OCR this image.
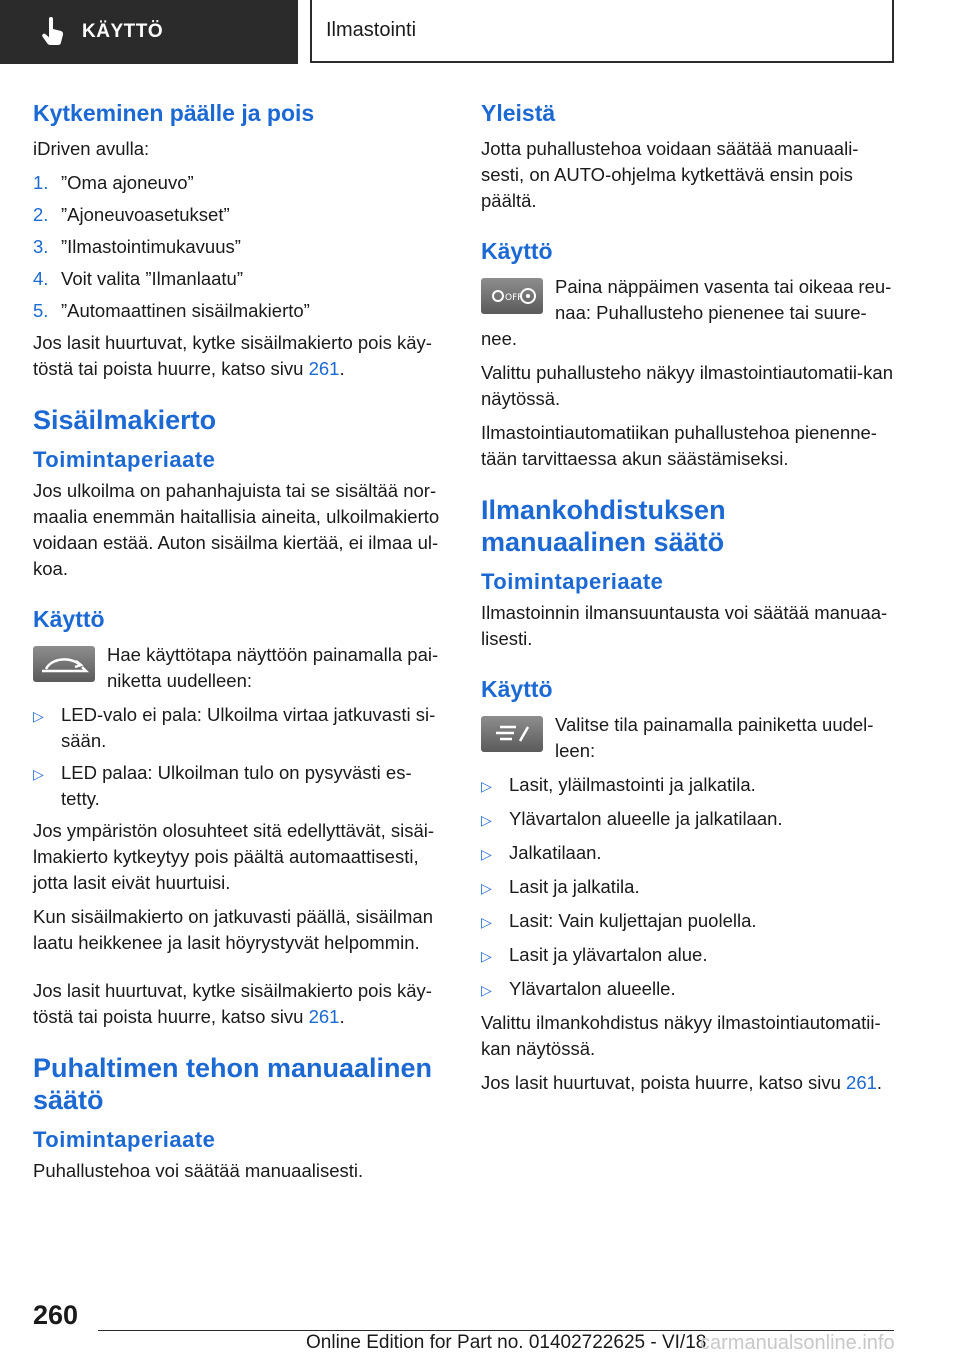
KÄYTTÖ	Ilmastointi
Kytkeminen päälle ja pois

iDriven avulla:

1. ”Oma ajoneuvo”
2. ”Ajoneuvoasetukset”
3. ”Ilmastointimukavuus”
4. Voit valita ”Ilmanlaatu”
5. ”Automaattinen sisäilmakierto”

Jos lasit huurtuvat, kytke sisäilmakierto pois käy-töstä tai poista huurre, katso sivu 261.

Sisäilmakierto
Toimintaperiaate

Jos ulkoilma on pahanhajuista tai se sisältää nor-maalia enemmän haitallisia aineita, ulkoilmakierto voidaan estää. Auton sisäilma kiertää, ei ilmaa ul-koa.

Käyttö

Hae käyttötapa näyttöön painamalla pai-niketta uudelleen:

▷ LED-valo ei pala: Ulkoilma virtaa jatkuvasti si-sään.
▷ LED palaa: Ulkoilman tulo on pysyvästi es-tetty.

Jos ympäristön olosuhteet sitä edellyttävät, sisäi-lmakierto kytkeytyy pois päältä automaattisesti, jotta lasit eivät huurtuisi.

Kun sisäilmakierto on jatkuvasti päällä, sisäilman laatu heikkenee ja lasit höyrystyvät helpommin.

Jos lasit huurtuvat, kytke sisäilmakierto pois käy-töstä tai poista huurre, katso sivu 261.

Puhaltimen tehon manuaalinen säätö
Toimintaperiaate

Puhallustehoa voi säätää manuaalisesti.

Yleistä

Jotta puhallustehoa voidaan säätää manuaali-sesti, on AUTO-ohjelma kytkettävä ensin pois päältä.

Käyttö
OFF

Paina näppäimen vasenta tai oikeaa reu-naa: Puhallusteho pienenee tai suure-nee.

Valittu puhallusteho näkyy ilmastointiautomatii-kan näytössä.

Ilmastointiautomatiikan puhallustehoa pienenne-tään tarvittaessa akun säästämiseksi.

Ilmankohdistuksen manuaalinen säätö
Toimintaperiaate

Ilmastoinnin ilmansuuntausta voi säätää manuaa-lisesti.

Käyttö

Valitse tila painamalla painiketta uudel-leen:

▷ Lasit, yläilmastointi ja jalkatila.
▷ Ylävartalon alueelle ja jalkatilaan.
▷ Jalkatilaan.
▷ Lasit ja jalkatila.
▷ Lasit: Vain kuljettajan puolella.
▷ Lasit ja ylävartalon alue.
▷ Ylävartalon alueelle.

Valittu ilmankohdistus näkyy ilmastointiautomatii-kan näytössä.

Jos lasit huurtuvat, poista huurre, katso sivu 261.

260
Online Edition for Part no. 01402722625 - VI/18
carmanualsonline.info
